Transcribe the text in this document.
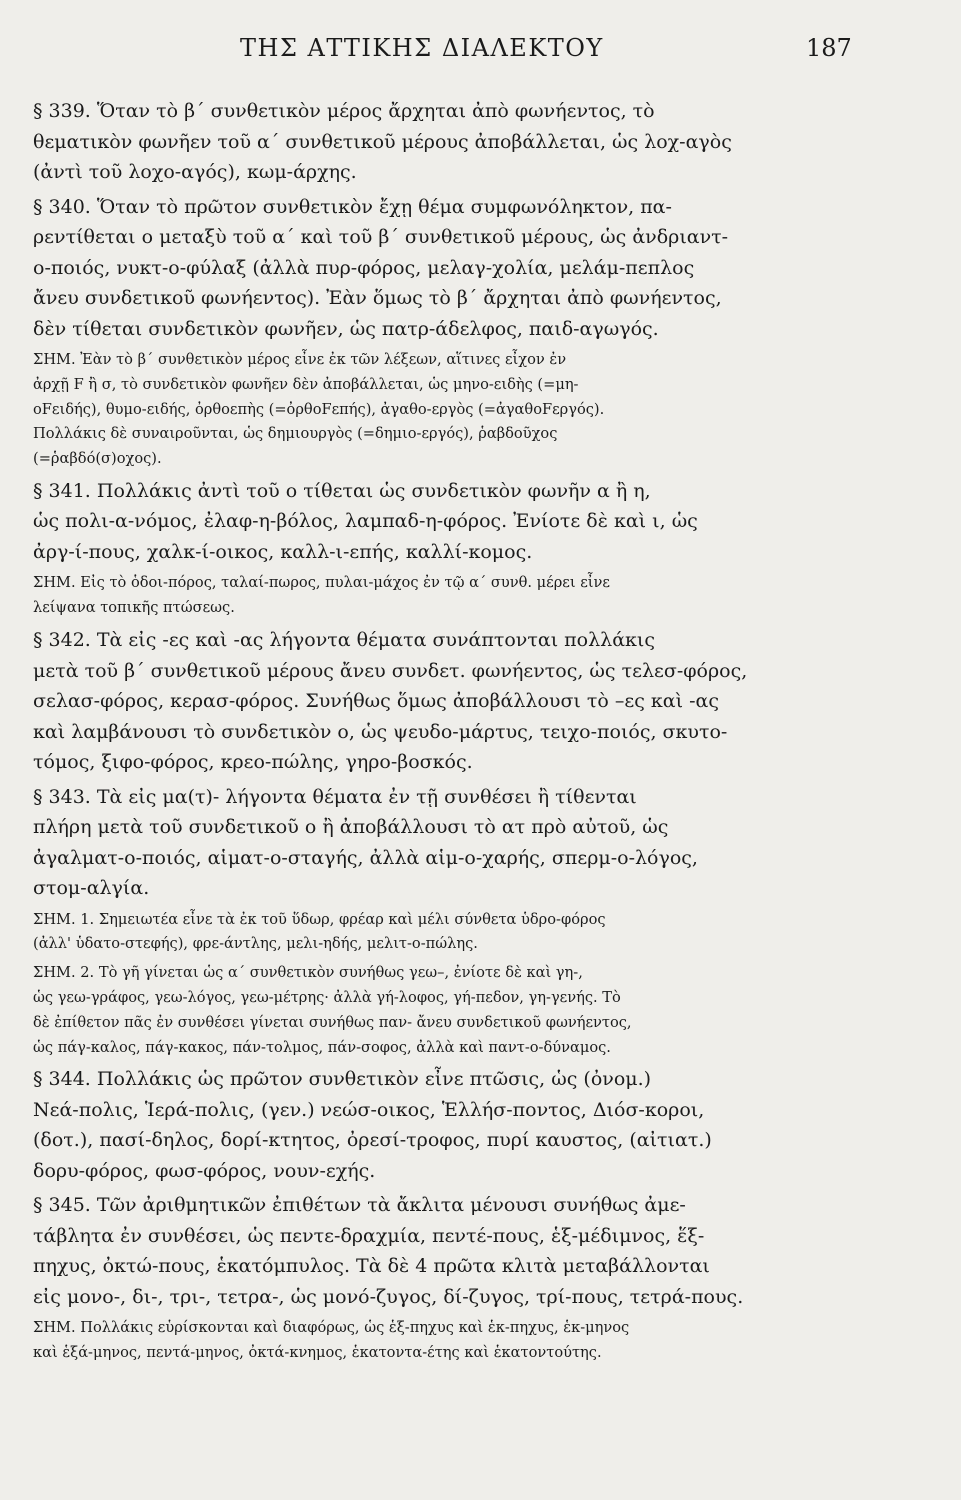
ΤΗΣ ΑΤΤΙΚΗΣ ΔΙΑΛΕΚΤΟΥ	187
§ 339. Ὅταν τὸ β΄ συνθετικὸν μέρος ἄρχηται ἀπὸ φωνήεντος, τὸ
θεματικὸν φωνῆεν τοῦ α΄ συνθετικοῦ μέρους ἀποβάλλεται, ὡς λοχ-αγὸς
(ἀντὶ τοῦ λοχο-αγός), κωμ-άρχης.
§ 340. Ὅταν τὸ πρῶτον συνθετικὸν ἔχῃ θέμα συμφωνόληκτον, πα-
ρεντίθεται ο μεταξὺ τοῦ α΄ καὶ τοῦ β΄ συνθετικοῦ μέρους, ὡς ἀνδριαντ-
ο-ποιός, νυκτ-ο-φύλαξ (ἀλλὰ πυρ-φόρος, μελαγ-χολία, μελάμ-πεπλος
ἄνευ συνδετικοῦ φωνήεντος). Ἐὰν ὅμως τὸ β΄ ἄρχηται ἀπὸ φωνήεντος,
δὲν τίθεται συνδετικὸν φωνῆεν, ὡς πατρ-άδελφος, παιδ-αγωγός.
ΣΗΜ. Ἐὰν τὸ β΄ συνθετικὸν μέρος εἶνε ἐκ τῶν λέξεων, αἵτινες εἶχον ἐν
ἀρχῇ F ἢ σ, τὸ συνδετικὸν φωνῆεν δὲν ἀποβάλλεται, ὡς μηνο-ειδὴς (=μη-
oFειδής), θυμο-ειδής, ὀρθοεπὴς (=ὀρθοFεπής), ἀγαθο-εργὸς (=ἀγαθοFεργός).
Πολλάκις δὲ συναιροῦνται, ὡς δημιουργὸς (=δημιο-εργός), ῥαβδοῦχος
(=ῥαβδό(σ)οχος).
§ 341. Πολλάκις ἀντὶ τοῦ ο τίθεται ὡς συνδετικὸν φωνῆν α ἢ η,
ὡς πολι-α-νόμος, ἐλαφ-η-βόλος, λαμπαδ-η-φόρος. Ἐνίοτε δὲ καὶ ι, ὡς
ἀργ-ί-πους, χαλκ-ί-οικος, καλλ-ι-επής, καλλί-κομος.
ΣΗΜ. Εἰς τὸ ὁδοι-πόρος, ταλαί-πωρος, πυλαι-μάχος ἐν τῷ α΄ συνθ. μέρει εἶνε
λείψανα τοπικῆς πτώσεως.
§ 342. Τὰ εἰς -ες καὶ -ας λήγοντα θέματα συνάπτονται πολλάκις
μετὰ τοῦ β΄ συνθετικοῦ μέρους ἄνευ συνδετ. φωνήεντος, ὡς τελεσ-φόρος,
σελασ-φόρος, κερασ-φόρος. Συνήθως ὅμως ἀποβάλλουσι τὸ –ες καὶ -ας
καὶ λαμβάνουσι τὸ συνδετικὸν ο, ὡς ψευδο-μάρτυς, τειχο-ποιός, σκυτο-
τόμος, ξιφο-φόρος, κρεο-πώλης, γηρο-βοσκός.
§ 343. Τὰ εἰς μα(τ)- λήγοντα θέματα ἐν τῇ συνθέσει ἢ τίθενται
πλήρη μετὰ τοῦ συνδετικοῦ ο ἢ ἀποβάλλουσι τὸ ατ πρὸ αὐτοῦ, ὡς
ἀγαλματ-ο-ποιός, αἱματ-ο-σταγής, ἀλλὰ αἱμ-ο-χαρής, σπερμ-ο-λόγος,
στομ-αλγία.
ΣΗΜ. 1. Σημειωτέα εἶνε τὰ ἐκ τοῦ ὕδωρ, φρέαρ καὶ μέλι σύνθετα ὑδρο-φόρος
(ἀλλ' ὑδατο-στεφής), φρε-άντλης, μελι-ηδής, μελιτ-ο-πώλης.
ΣΗΜ. 2. Τὸ γῆ γίνεται ὡς α΄ συνθετικὸν συνήθως γεω–, ἐνίοτε δὲ καὶ γη-,
ὡς γεω-γράφος, γεω-λόγος, γεω-μέτρης· ἀλλὰ γή-λοφος, γή-πεδον, γη-γενής. Τὸ
δὲ ἐπίθετον πᾶς ἐν συνθέσει γίνεται συνήθως παν- ἄνευ συνδετικοῦ φωνήεντος,
ὡς πάγ-καλος, πάγ-κακος, πάν-τολμος, πάν-σοφος, ἀλλὰ καὶ παντ-ο-δύναμος.
§ 344. Πολλάκις ὡς πρῶτον συνθετικὸν εἶνε πτῶσις, ὡς (ὀνομ.)
Νεά-πολις, Ἱερά-πολις, (γεν.) νεώσ-οικος, Ἑλλήσ-ποντος, Διόσ-κοροι,
(δοτ.), πασί-δηλος, δορί-κτητος, ὀρεσί-τροφος, πυρί καυστος, (αἰτιατ.)
δορυ-φόρος, φωσ-φόρος, νουν-εχής.
§ 345. Τῶν ἀριθμητικῶν ἐπιθέτων τὰ ἄκλιτα μένουσι συνήθως ἀμε-
τάβλητα ἐν συνθέσει, ὡς πεντε-δραχμία, πεντέ-πους, ἑξ-μέδιμνος, ἕξ-
πηχυς, ὀκτώ-πους, ἑκατόμπυλος. Τὰ δὲ 4 πρῶτα κλιτὰ μεταβάλλονται
εἰς μονο-, δι-, τρι-, τετρα-, ὡς μονό-ζυγος, δί-ζυγος, τρί-πους, τετρά-πους.
ΣΗΜ. Πολλάκις εὑρίσκονται καὶ διαφόρως, ὡς ἑξ-πηχυς καὶ ἑκ-πηχυς, ἑκ-μηνος
καὶ ἑξά-μηνος, πεντά-μηνος, ὀκτά-κνημος, ἑκατοντα-έτης καὶ ἑκατοντούτης.
